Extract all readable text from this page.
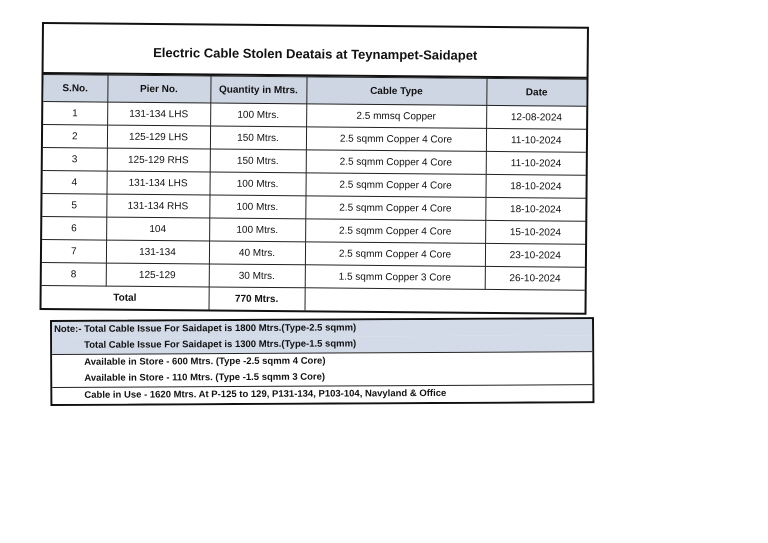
Electric Cable Stolen Deatais at Teynampet-Saidapet
S.No.	Pier No.	Quantity in Mtrs.	Cable Type	Date
1	131-134 LHS	100 Mtrs.	2.5 mmsq Copper	12-08-2024
2	125-129 LHS	150 Mtrs.	2.5 sqmm Copper 4 Core	11-10-2024
3	125-129 RHS	150 Mtrs.	2.5 sqmm Copper 4 Core	11-10-2024
4	131-134 LHS	100 Mtrs.	2.5 sqmm Copper 4 Core	18-10-2024
5	131-134 RHS	100 Mtrs.	2.5 sqmm Copper 4 Core	18-10-2024
6	104	100 Mtrs.	2.5 sqmm Copper 4 Core	15-10-2024
7	131-134	40 Mtrs.	2.5 sqmm Copper 4 Core	23-10-2024
8	125-129	30 Mtrs.	1.5 sqmm Copper 3 Core	26-10-2024
Total		770 Mtrs.		
Note:- Total Cable Issue For Saidapet is 1800 Mtrs.(Type-2.5 sqmm)
Total Cable Issue For Saidapet is 1300 Mtrs.(Type-1.5 sqmm)
Available in Store - 600 Mtrs. (Type -2.5 sqmm 4 Core)
Available in Store - 110 Mtrs. (Type -1.5 sqmm 3 Core)
Cable in Use - 1620 Mtrs. At P-125 to 129, P131-134, P103-104, Navyland & Office
